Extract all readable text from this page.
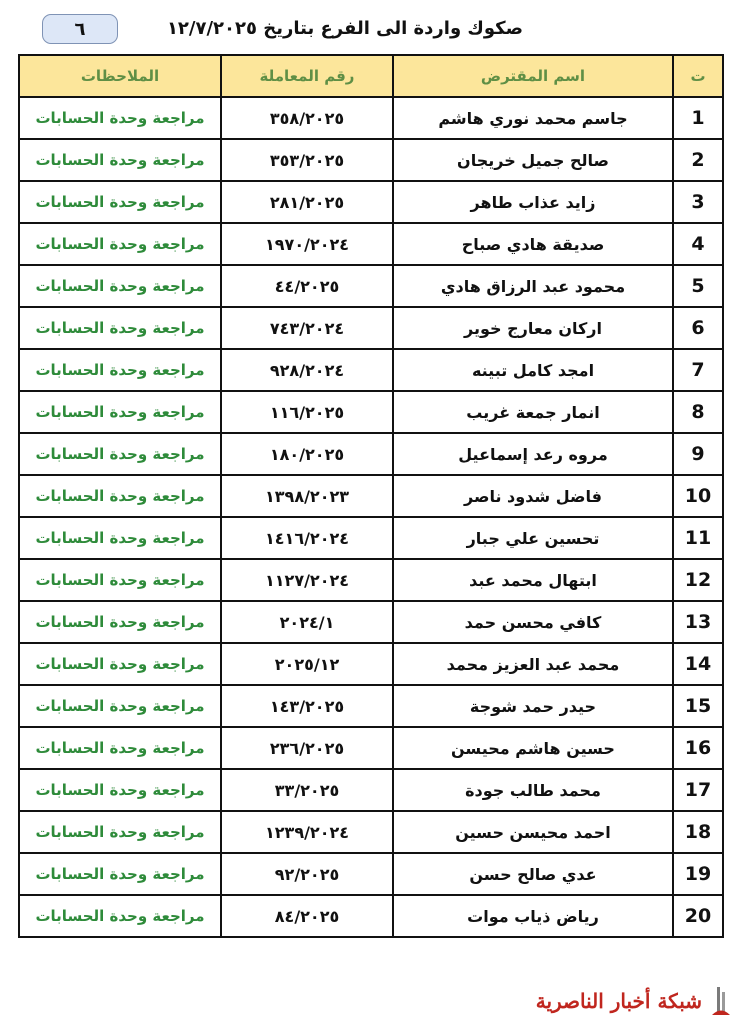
٦	صكوك واردة الى الفرع بتاريخ ١٢/٧/٢٠٢٥
ت	اسم المقترض	رقم المعاملة	الملاحظات
1	جاسم محمد نوري هاشم	٣٥٨/٢٠٢٥	مراجعة وحدة الحسابات
2	صالح جميل خريجان	٣٥٣/٢٠٢٥	مراجعة وحدة الحسابات
3	زايد عذاب طاهر	٢٨١/٢٠٢٥	مراجعة وحدة الحسابات
4	صديقة هادي صباح	١٩٧٠/٢٠٢٤	مراجعة وحدة الحسابات
5	محمود عبد الرزاق هادي	٤٤/٢٠٢٥	مراجعة وحدة الحسابات
6	اركان معارج خوير	٧٤٣/٢٠٢٤	مراجعة وحدة الحسابات
7	امجد كامل تبينه	٩٢٨/٢٠٢٤	مراجعة وحدة الحسابات
8	انمار جمعة غريب	١١٦/٢٠٢٥	مراجعة وحدة الحسابات
9	مروه رعد إسماعيل	١٨٠/٢٠٢٥	مراجعة وحدة الحسابات
10	فاضل شدود ناصر	١٣٩٨/٢٠٢٣	مراجعة وحدة الحسابات
11	تحسين علي جبار	١٤١٦/٢٠٢٤	مراجعة وحدة الحسابات
12	ابتهال محمد عبد	١١٢٧/٢٠٢٤	مراجعة وحدة الحسابات
13	كافي محسن حمد	٢٠٢٤/١	مراجعة وحدة الحسابات
14	محمد عبد العزيز محمد	٢٠٢٥/١٢	مراجعة وحدة الحسابات
15	حيدر حمد شوجة	١٤٣/٢٠٢٥	مراجعة وحدة الحسابات
16	حسين هاشم محيسن	٢٣٦/٢٠٢٥	مراجعة وحدة الحسابات
17	محمد طالب جودة	٣٣/٢٠٢٥	مراجعة وحدة الحسابات
18	احمد محيسن حسين	١٢٣٩/٢٠٢٤	مراجعة وحدة الحسابات
19	عدي صالح حسن	٩٢/٢٠٢٥	مراجعة وحدة الحسابات
20	رياض ذياب موات	٨٤/٢٠٢٥	مراجعة وحدة الحسابات
شبكة أخبار الناصرية
